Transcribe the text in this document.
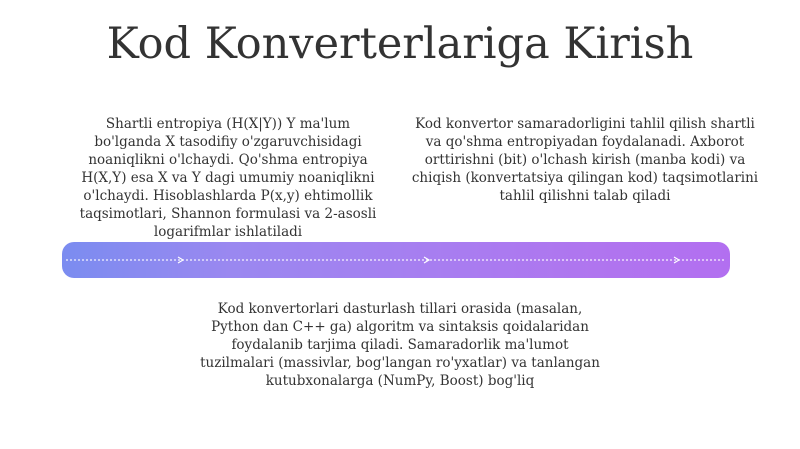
Kod Konverterlariga Kirish
Shartli entropiya (H(X|Y)) Y ma'lum bo'lganda X tasodifiy o'zgaruvchisidagi noaniqlikni o'lchaydi. Qo'shma entropiya H(X,Y) esa X va Y dagi umumiy noaniqlikni o'lchaydi. Hisoblashlarda P(x,y) ehtimollik taqsimotlari, Shannon formulasi va 2-asosli logarifmlar ishlatiladi
Kod konvertor samaradorligini tahlil qilish shartli va qo'shma entropiyadan foydalanadi. Axborot orttirishni (bit) o'lchash kirish (manba kodi) va chiqish (konvertatsiya qilingan kod) taqsimotlarini tahlil qilishni talab qiladi
Kod konvertorlari dasturlash tillari orasida (masalan, Python dan C++ ga) algoritm va sintaksis qoidalaridan foydalanib tarjima qiladi. Samaradorlik ma'lumot tuzilmalari (massivlar, bog'langan ro'yxatlar) va tanlangan kutubxonalarga (NumPy, Boost) bog'liq
